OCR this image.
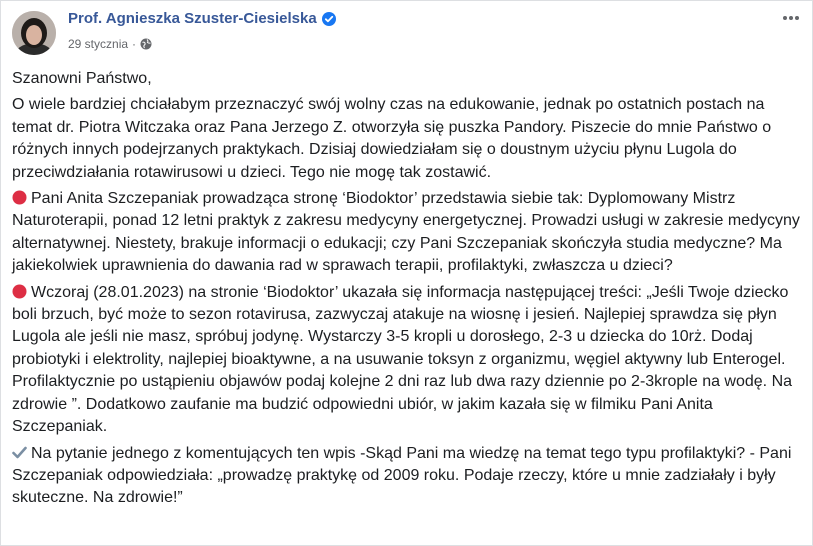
Prof. Agnieszka Szuster-Ciesielska
29 stycznia ·

Szanowni Państwo,

O wiele bardziej chciałabym przeznaczyć swój wolny czas na edukowanie, jednak po ostatnich postach na temat dr. Piotra Witczaka oraz Pana Jerzego Z. otworzyła się puszka Pandory. Piszecie do mnie Państwo o różnych innych podejrzanych praktykach. Dzisiaj dowiedziałam się o doustnym użyciu płynu Lugola do przeciwdziałania rotawirusowi u dzieci. Tego nie mogę tak zostawić.

Pani Anita Szczepaniak prowadząca stronę ‘Biodoktor’ przedstawia siebie tak: Dyplomowany Mistrz Naturoterapii, ponad 12 letni praktyk z zakresu medycyny energetycznej. Prowadzi usługi w zakresie medycyny alternatywnej. Niestety, brakuje informacji o edukacji; czy Pani Szczepaniak skończyła studia medyczne? Ma jakiekolwiek uprawnienia do dawania rad w sprawach terapii, profilaktyki, zwłaszcza u dzieci?

Wczoraj (28.01.2023) na stronie ‘Biodoktor’ ukazała się informacja następującej treści: „Jeśli Twoje dziecko boli brzuch, być może to sezon rotavirusa, zazwyczaj atakuje na wiosnę i jesień. Najlepiej sprawdza się płyn Lugola ale jeśli nie masz, spróbuj jodynę. Wystarczy 3-5 kropli u dorosłego, 2-3 u dziecka do 10rż. Dodaj probiotyki i elektrolity, najlepiej bioaktywne, a na usuwanie toksyn z organizmu, węgiel aktywny lub Enterogel. Profilaktycznie po ustąpieniu objawów podaj kolejne 2 dni raz lub dwa razy dziennie po 2-3krople na wodę. Na zdrowie ”. Dodatkowo zaufanie ma budzić odpowiedni ubiór, w jakim kazała się w filmiku Pani Anita Szczepaniak.

Na pytanie jednego z komentujących ten wpis -Skąd Pani ma wiedzę na temat tego typu profilaktyki? - Pani Szczepaniak odpowiedziała: „prowadzę praktykę od 2009 roku. Podaje rzeczy, które u mnie zadziałały i były skuteczne. Na zdrowie!”
